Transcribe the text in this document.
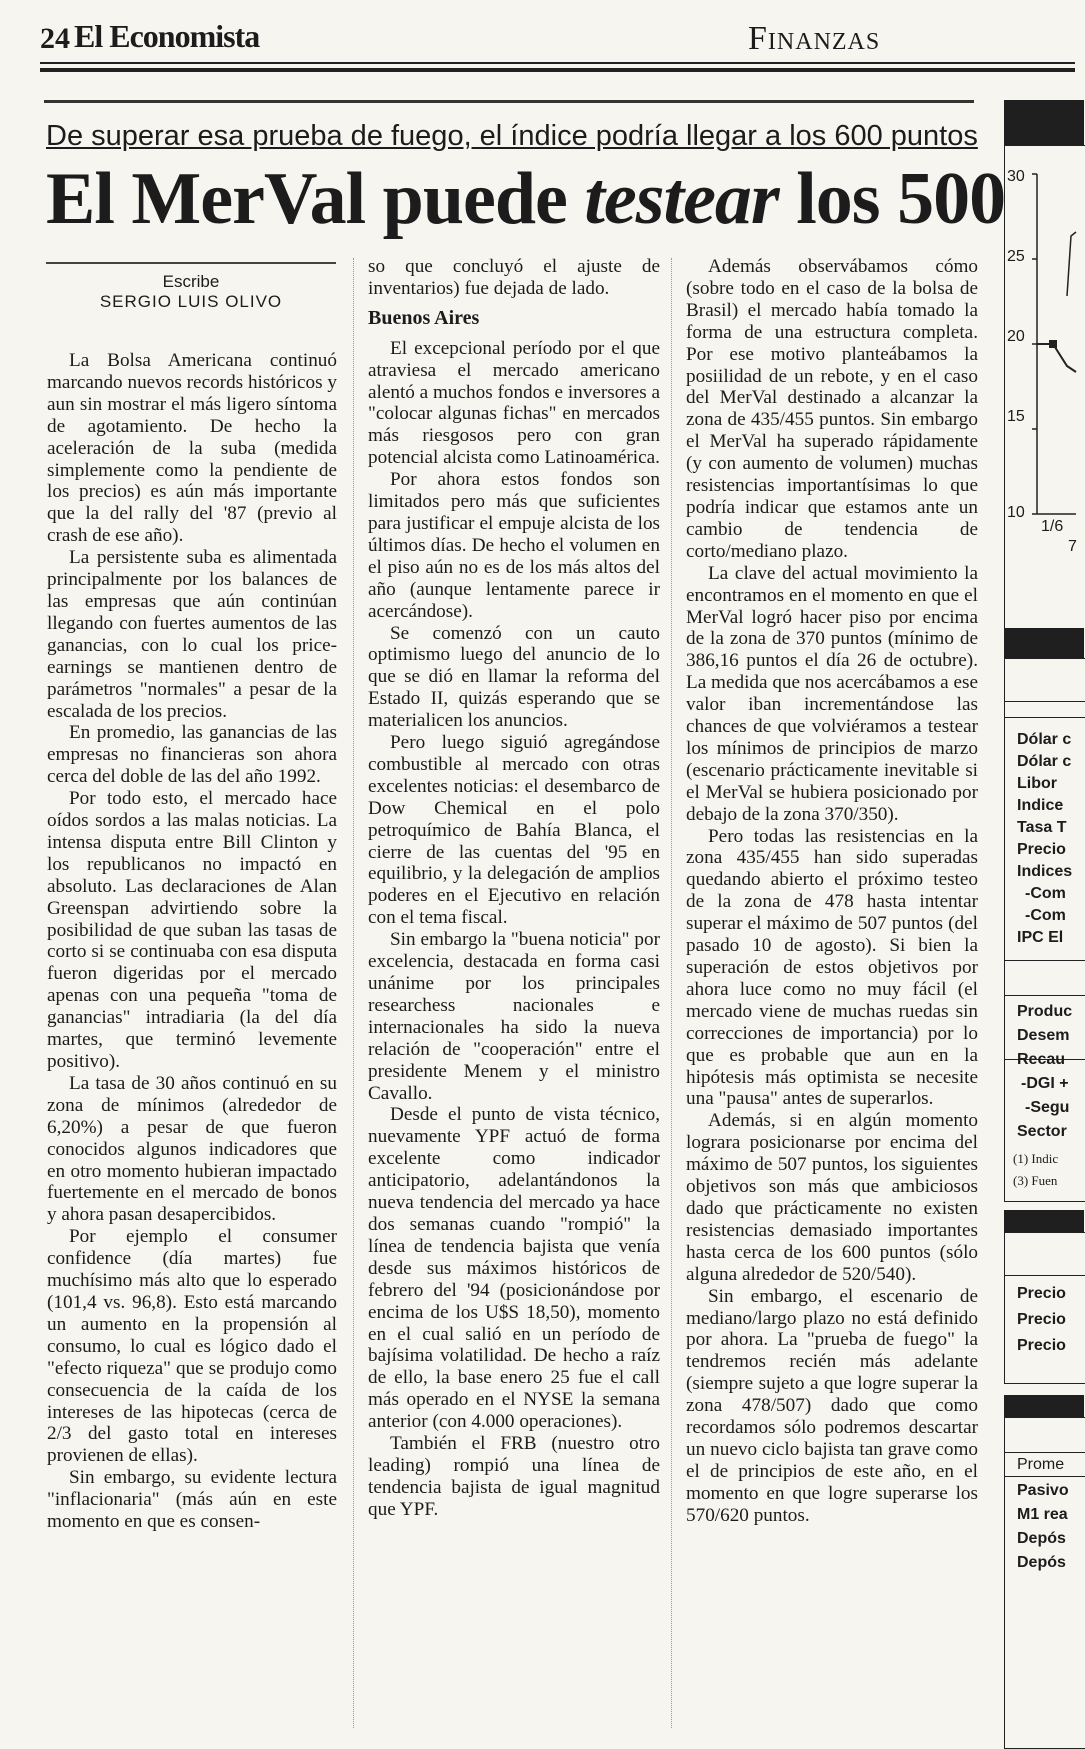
24 El Economista	Finanzas
De superar esa prueba de fuego, el índice podría llegar a los 600 puntos
El MerVal puede testear los 500
Escribe
SERGIO LUIS OLIVO

La Bolsa Americana continuó marcando nuevos records históricos y aun sin mostrar el más ligero síntoma de agotamiento. De hecho la aceleración de la suba (medida simplemente como la pendiente de los precios) es aún más importante que la del rally del '87 (previo al crash de ese año).

La persistente suba es alimentada principalmente por los balances de las empresas que aún continúan llegando con fuertes aumentos de las ganancias, con lo cual los price-earnings se mantienen dentro de parámetros "normales" a pesar de la escalada de los precios.

En promedio, las ganancias de las empresas no financieras son ahora cerca del doble de las del año 1992.

Por todo esto, el mercado hace oídos sordos a las malas noticias. La intensa disputa entre Bill Clinton y los republicanos no impactó en absoluto. Las declaraciones de Alan Greenspan advirtiendo sobre la posibilidad de que suban las tasas de corto si se continuaba con esa disputa fueron digeridas por el mercado apenas con una pequeña "toma de ganancias" intradiaria (la del día martes, que terminó levemente positivo).

La tasa de 30 años continuó en su zona de mínimos (alrededor de 6,20%) a pesar de que fueron conocidos algunos indicadores que en otro momento hubieran impactado fuertemente en el mercado de bonos y ahora pasan desapercibidos.

Por ejemplo el consumer confidence (día martes) fue muchísimo más alto que lo esperado (101,4 vs. 96,8). Esto está marcando un aumento en la propensión al consumo, lo cual es lógico dado el "efecto riqueza" que se produjo como consecuencia de la caída de los intereses de las hipotecas (cerca de 2/3 del gasto total en intereses provienen de ellas).

Sin embargo, su evidente lectura "inflacionaria" (más aún en este momento en que es consen-

so que concluyó el ajuste de inventarios) fue dejada de lado.

Buenos Aires

El excepcional período por el que atraviesa el mercado americano alentó a muchos fondos e inversores a "colocar algunas fichas" en mercados más riesgosos pero con gran potencial alcista como Latinoamérica.

Por ahora estos fondos son limitados pero más que suficientes para justificar el empuje alcista de los últimos días. De hecho el volumen en el piso aún no es de los más altos del año (aunque lentamente parece ir acercándose).

Se comenzó con un cauto optimismo luego del anuncio de lo que se dió en llamar la reforma del Estado II, quizás esperando que se materialicen los anuncios.

Pero luego siguió agregándose combustible al mercado con otras excelentes noticias: el desembarco de Dow Chemical en el polo petroquímico de Bahía Blanca, el cierre de las cuentas del '95 en equilibrio, y la delegación de amplios poderes en el Ejecutivo en relación con el tema fiscal.

Sin embargo la "buena noticia" por excelencia, destacada en forma casi unánime por los principales researchess nacionales e internacionales ha sido la nueva relación de "cooperación" entre el presidente Menem y el ministro Cavallo.

Desde el punto de vista técnico, nuevamente YPF actuó de forma excelente como indicador anticipatorio, adelantándonos la nueva tendencia del mercado ya hace dos semanas cuando "rompió" la línea de tendencia bajista que venía desde sus máximos históricos de febrero del '94 (posicionándose por encima de los U$S 18,50), momento en el cual salió en un período de bajísima volatilidad. De hecho a raíz de ello, la base enero 25 fue el call más operado en el NYSE la semana anterior (con 4.000 operaciones).

También el FRB (nuestro otro leading) rompió una línea de tendencia bajista de igual magnitud que YPF.

Además observábamos cómo (sobre todo en el caso de la bolsa de Brasil) el mercado había tomado la forma de una estructura completa. Por ese motivo planteábamos la posiilidad de un rebote, y en el caso del MerVal destinado a alcanzar la zona de 435/455 puntos. Sin embargo el MerVal ha superado rápidamente (y con aumento de volumen) muchas resistencias importantísimas lo que podría indicar que estamos ante un cambio de tendencia de corto/mediano plazo.

La clave del actual movimiento la encontramos en el momento en que el MerVal logró hacer piso por encima de la zona de 370 puntos (mínimo de 386,16 puntos el día 26 de octubre). La medida que nos acercábamos a ese valor iban incrementándose las chances de que volviéramos a testear los mínimos de principios de marzo (escenario prácticamente inevitable si el MerVal se hubiera posicionado por debajo de la zona 370/350).

Pero todas las resistencias en la zona 435/455 han sido superadas quedando abierto el próximo testeo de la zona de 478 hasta intentar superar el máximo de 507 puntos (del pasado 10 de agosto). Si bien la superación de estos objetivos por ahora luce como no muy fácil (el mercado viene de muchas ruedas sin correcciones de importancia) por lo que es probable que aun en la hipótesis más optimista se necesite una "pausa" antes de superarlos.

Además, si en algún momento lograra posicionarse por encima del máximo de 507 puntos, los siguientes objetivos son más que ambiciosos dado que prácticamente no existen resistencias demasiado importantes hasta cerca de los 600 puntos (sólo alguna alrededor de 520/540).

Sin embargo, el escenario de mediano/largo plazo no está definido por ahora. La "prueba de fuego" la tendremos recién más adelante (siempre sujeto a que logre superar la zona 478/507) dado que como recordamos sólo podremos descartar un nuevo ciclo bajista tan grave como el de principios de este año, en el momento en que logre superarse los 570/620 puntos.

30
25
20
15
10
1/6
7
Dólar c
Dólar c
Libor
Indice
Tasa T
Precio
Indices
-Com
-Com
IPC El
Produc
Desem
Recau
-DGI +
-Segu
Sector
(1) Indic
(3) Fuen
Precio
Precio
Precio
Prome
Pasivo
M1 rea
Depós
Depós
